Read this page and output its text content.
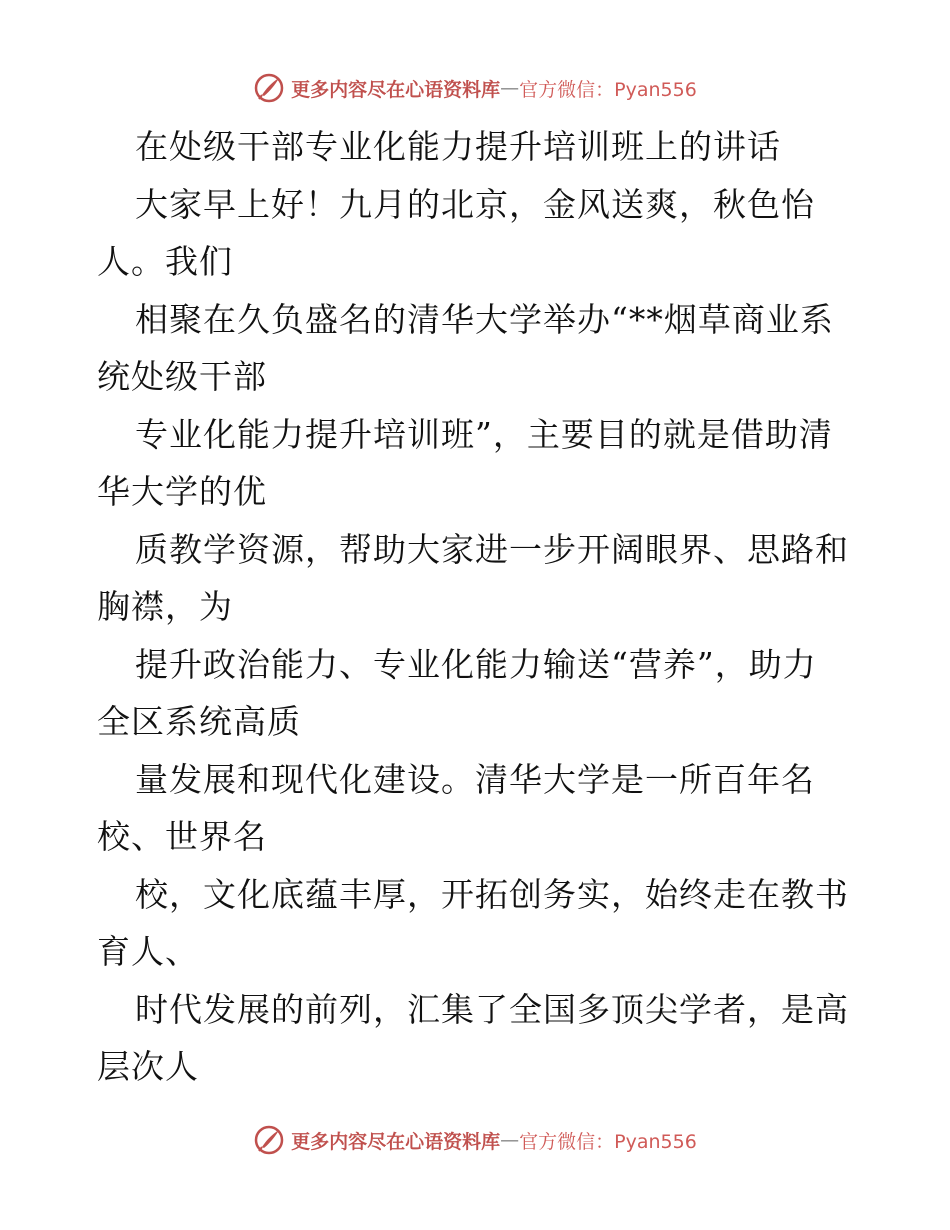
更多内容尽在心语资料库 — 官方微信：Pyan556
在处级干部专业化能力提升培训班上的讲话
大家早上好！九月的北京，金风送爽，秋色怡
人。我们
相聚在久负盛名的清华大学举办“**烟草商业系
统处级干部
专业化能力提升培训班”，主要目的就是借助清
华大学的优
质教学资源，帮助大家进一步开阔眼界、思路和
胸襟，为
提升政治能力、专业化能力输送“营养”，助力
全区系统高质
量发展和现代化建设。清华大学是一所百年名
校、世界名
校，文化底蕴丰厚，开拓创务实，始终走在教书
育人、
时代发展的前列，汇集了全国多顶尖学者，是高
层次人
更多内容尽在心语资料库 — 官方微信：Pyan556
